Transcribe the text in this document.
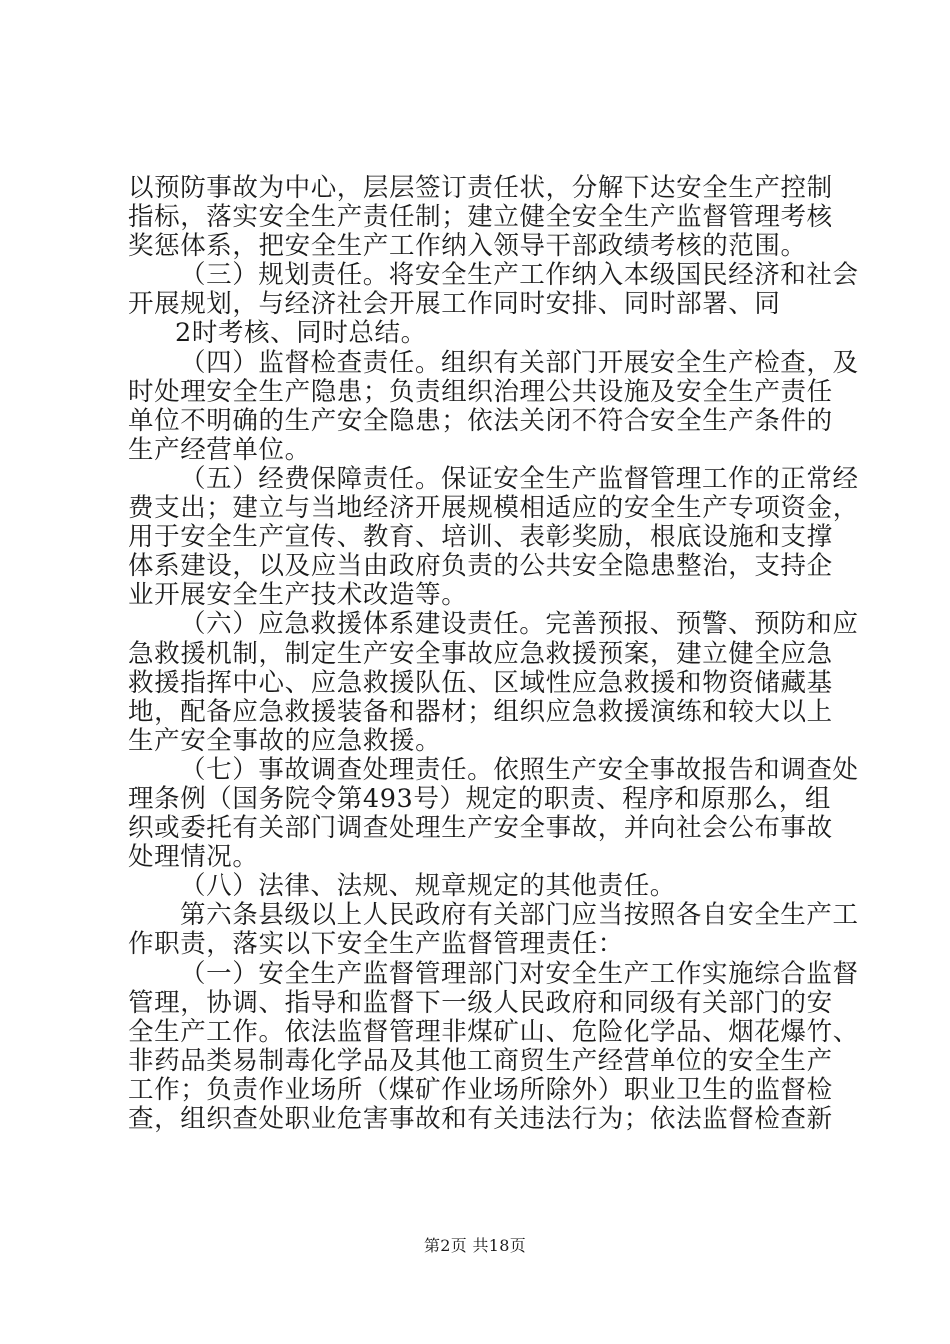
以预防事故为中心，层层签订责任状，分解下达安全生产控制
指标，落实安全生产责任制；建立健全安全生产监督管理考核
奖惩体系，把安全生产工作纳入领导干部政绩考核的范围。
（三）规划责任。将安全生产工作纳入本级国民经济和社会
开展规划，与经济社会开展工作同时安排、同时部署、同
2时考核、同时总结。
（四）监督检查责任。组织有关部门开展安全生产检查，及
时处理安全生产隐患；负责组织治理公共设施及安全生产责任
单位不明确的生产安全隐患；依法关闭不符合安全生产条件的
生产经营单位。
（五）经费保障责任。保证安全生产监督管理工作的正常经
费支出；建立与当地经济开展规模相适应的安全生产专项资金，
用于安全生产宣传、教育、培训、表彰奖励，根底设施和支撑
体系建设，以及应当由政府负责的公共安全隐患整治，支持企
业开展安全生产技术改造等。
（六）应急救援体系建设责任。完善预报、预警、预防和应
急救援机制，制定生产安全事故应急救援预案，建立健全应急
救援指挥中心、应急救援队伍、区域性应急救援和物资储藏基
地，配备应急救援装备和器材；组织应急救援演练和较大以上
生产安全事故的应急救援。
（七）事故调查处理责任。依照生产安全事故报告和调查处
理条例（国务院令第493号）规定的职责、程序和原那么，组
织或委托有关部门调查处理生产安全事故，并向社会公布事故
处理情况。
（八）法律、法规、规章规定的其他责任。
第六条县级以上人民政府有关部门应当按照各自安全生产工
作职责，落实以下安全生产监督管理责任：
（一）安全生产监督管理部门对安全生产工作实施综合监督
管理，协调、指导和监督下一级人民政府和同级有关部门的安
全生产工作。依法监督管理非煤矿山、危险化学品、烟花爆竹、
非药品类易制毒化学品及其他工商贸生产经营单位的安全生产
工作；负责作业场所（煤矿作业场所除外）职业卫生的监督检
查，组织查处职业危害事故和有关违法行为；依法监督检查新
第2页 共18页
